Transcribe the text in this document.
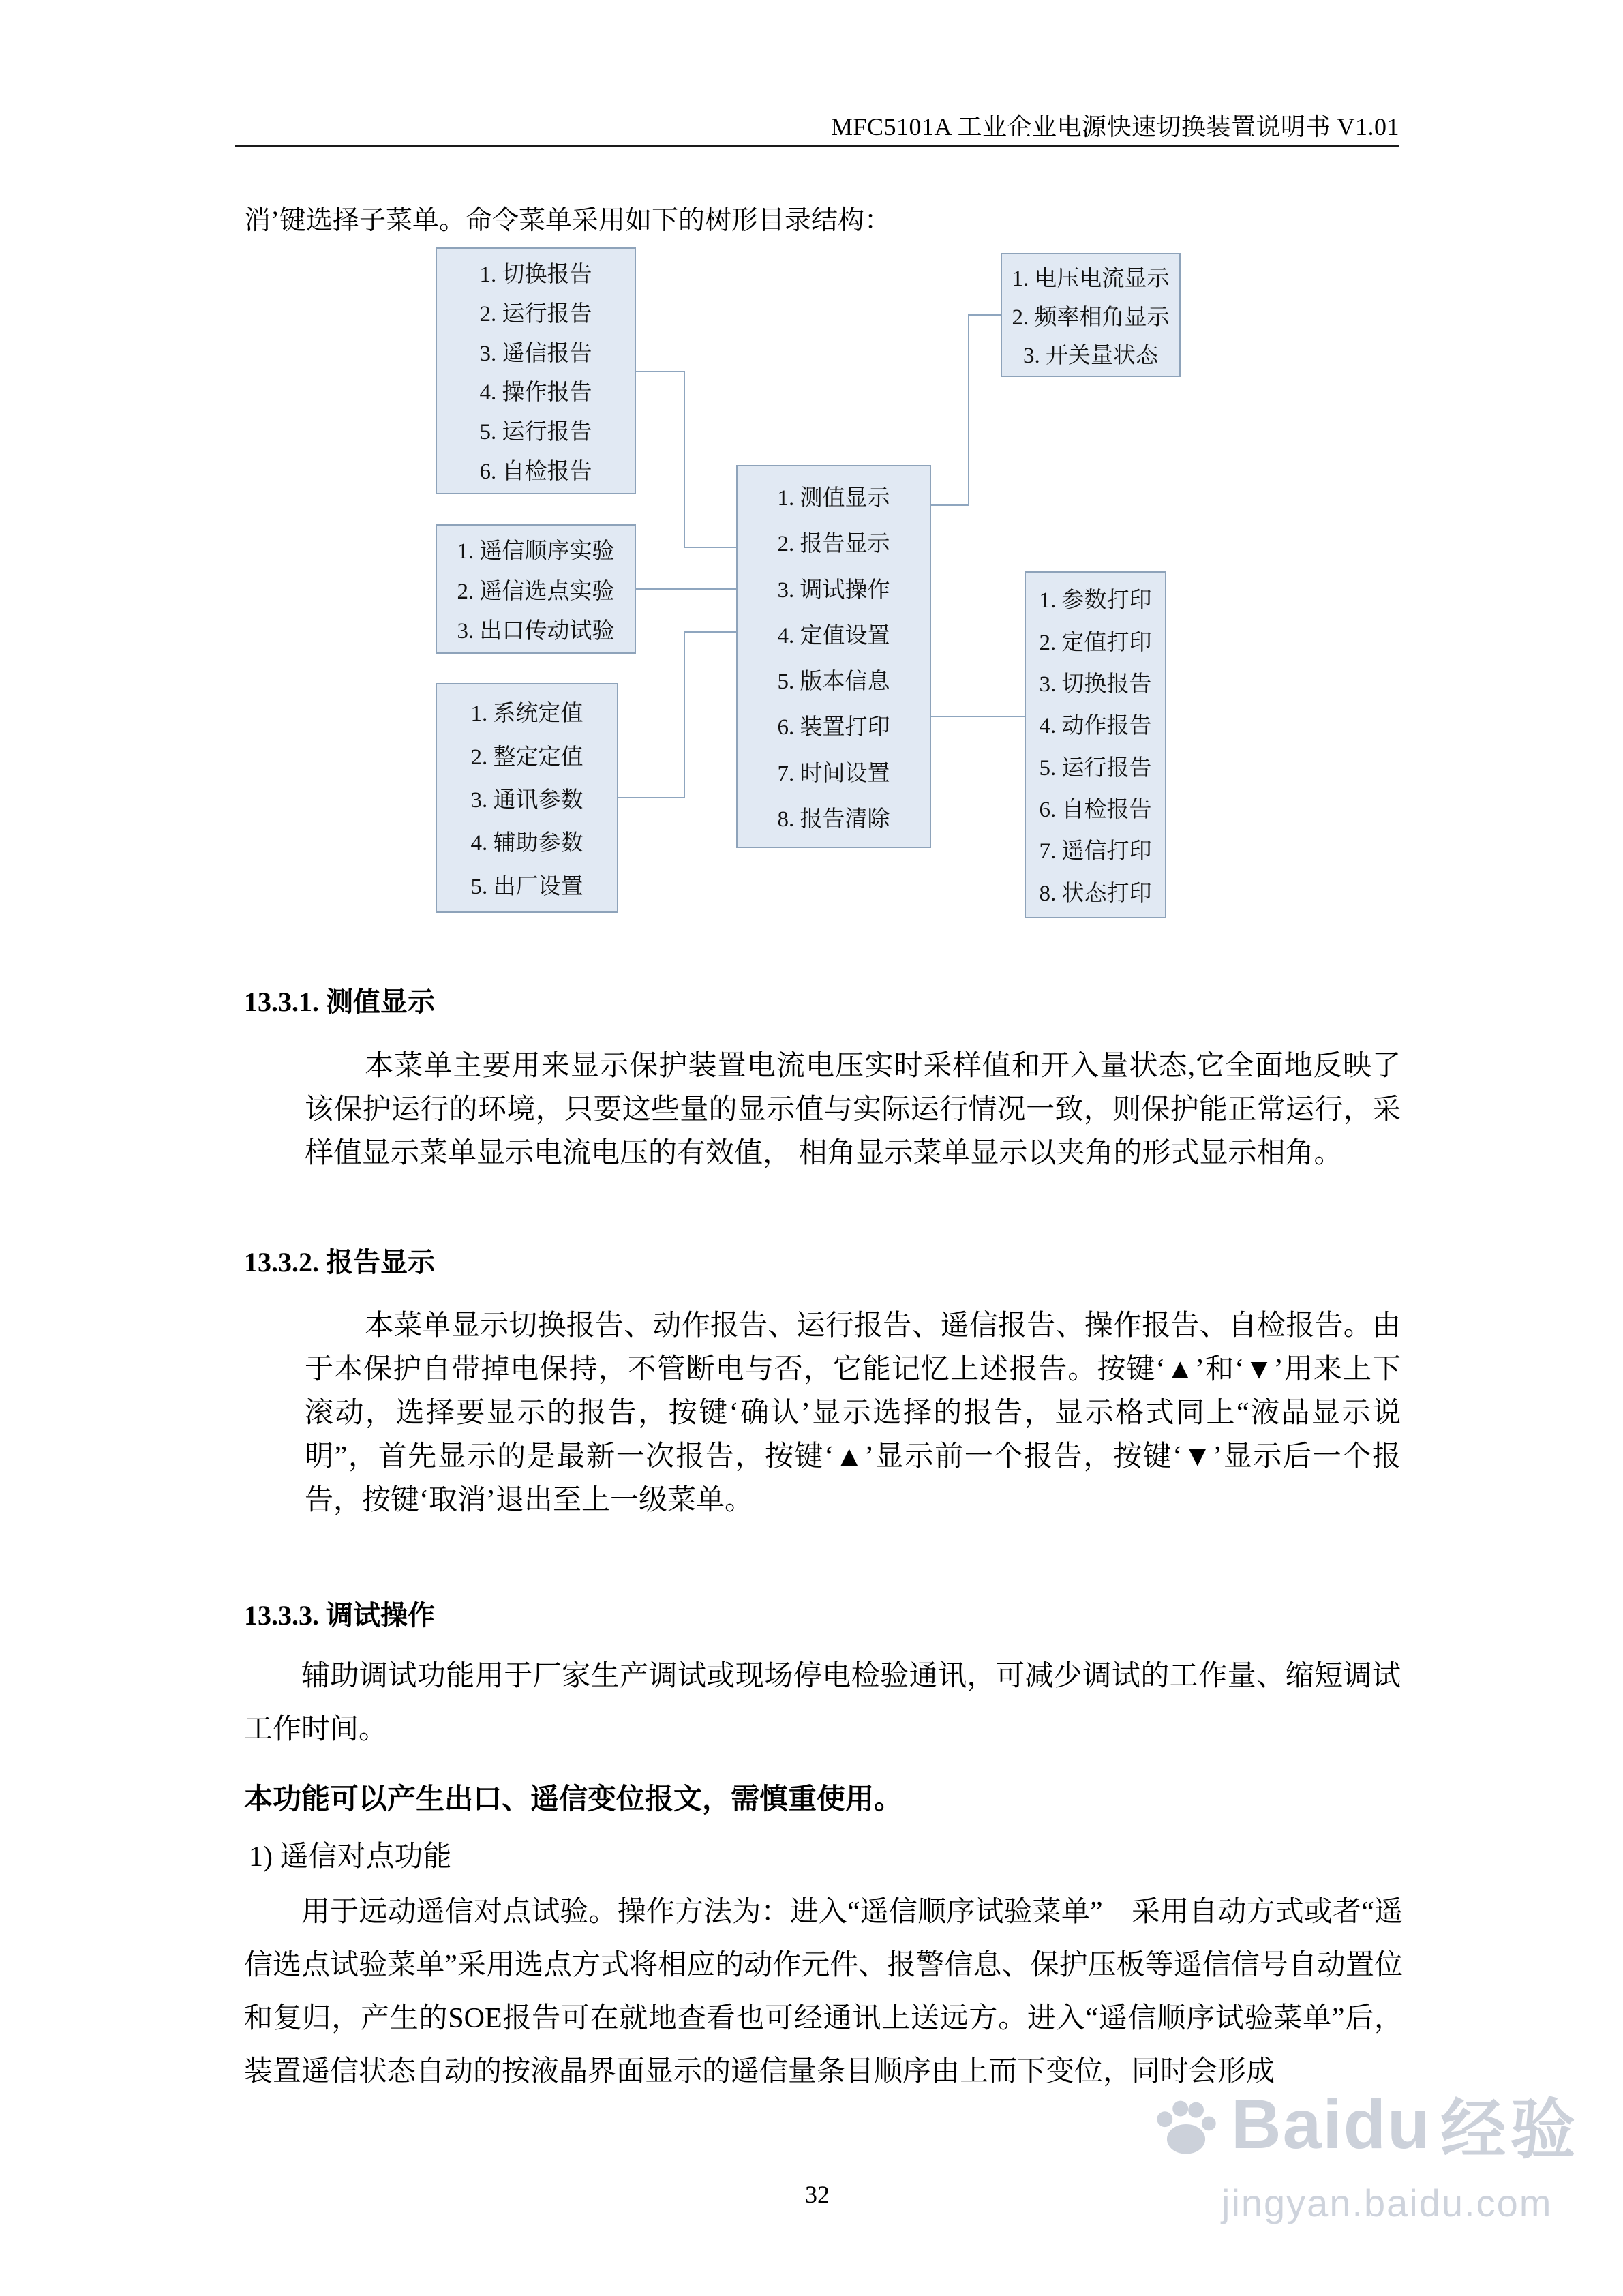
MFC5101A 工业企业电源快速切换装置说明书 V1.01
消’键选择子菜单。命令菜单采用如下的树形目录结构：
1. 切换报告
2. 运行报告
3. 遥信报告
4. 操作报告
5. 运行报告
6. 自检报告
1. 电压电流显示
2. 频率相角显示
3. 开关量状态
1. 遥信顺序实验
2. 遥信选点实验
3. 出口传动试验
1. 测值显示
2. 报告显示
3. 调试操作
4. 定值设置
5. 版本信息
6. 装置打印
7. 时间设置
8. 报告清除
1. 系统定值
2. 整定定值
3. 通讯参数
4. 辅助参数
5. 出厂设置
1. 参数打印
2. 定值打印
3. 切换报告
4. 动作报告
5. 运行报告
6. 自检报告
7. 遥信打印
8. 状态打印
13.3.1. 测值显示
本菜单主要用来显示保护装置电流电压实时采样值和开入量状态,它全面地反映了该保护运行的环境，只要这些量的显示值与实际运行情况一致，则保护能正常运行，采样值显示菜单显示电流电压的有效值， 相角显示菜单显示以夹角的形式显示相角。
13.3.2. 报告显示
本菜单显示切换报告、动作报告、运行报告、遥信报告、操作报告、自检报告。由于本保护自带掉电保持，不管断电与否，它能记忆上述报告。按键‘▲’和‘▼’用来上下滚动，选择要显示的报告，按键‘确认’显示选择的报告，显示格式同上“液晶显示说明”，首先显示的是最新一次报告，按键‘▲’显示前一个报告，按键‘▼’显示后一个报告，按键‘取消’退出至上一级菜单。
13.3.3. 调试操作
辅助调试功能用于厂家生产调试或现场停电检验通讯，可减少调试的工作量、缩短调试工作时间。
本功能可以产生出口、遥信变位报文，需慎重使用。
1) 遥信对点功能
用于远动遥信对点试验。操作方法为：进入“遥信顺序试验菜单”　采用自动方式或者“遥信选点试验菜单”采用选点方式将相应的动作元件、报警信息、保护压板等遥信信号自动置位和复归，产生的SOE报告可在就地查看也可经通讯上送远方。进入“遥信顺序试验菜单”后，装置遥信状态自动的按液晶界面显示的遥信量条目顺序由上而下变位，同时会形成
32
Baidu 经验
jingyan.baidu.com
